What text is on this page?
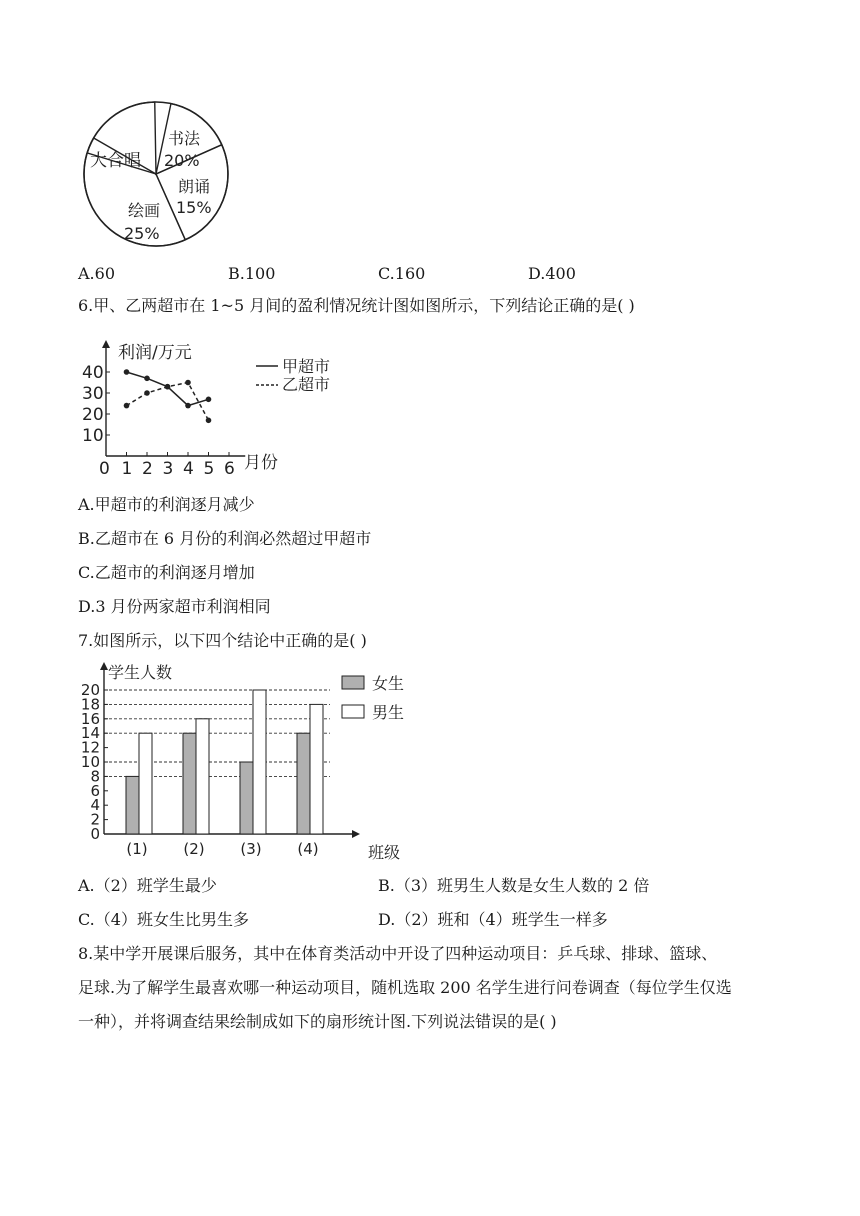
大合唱
书法
20%
朗诵
15%
绘画
25%
A.60	B.100	C.160	D.400
6.甲、乙两超市在 1~5 月间的盈利情况统计图如图所示，下列结论正确的是( )
10
20
30
40
0 1 2 3 4 5 6
利润/万元
月份
甲超市
乙超市
A.甲超市的利润逐月减少
B.乙超市在 6 月份的利润必然超过甲超市
C.乙超市的利润逐月增加
D.3 月份两家超市利润相同
7.如图所示，以下四个结论中正确的是( )
0
2
4
6
8
10
12
14
16
18
20
(1) (2) (3) (4)
学生人数
班级
女生
男生
A.（2）班学生最少	B.（3）班男生人数是女生人数的 2 倍
C.（4）班女生比男生多	D.（2）班和（4）班学生一样多
8.某中学开展课后服务，其中在体育类活动中开设了四种运动项目：乒乓球、排球、篮球、
足球.为了解学生最喜欢哪一种运动项目，随机选取 200 名学生进行问卷调查（每位学生仅选
一种），并将调查结果绘制成如下的扇形统计图.下列说法错误的是( )
